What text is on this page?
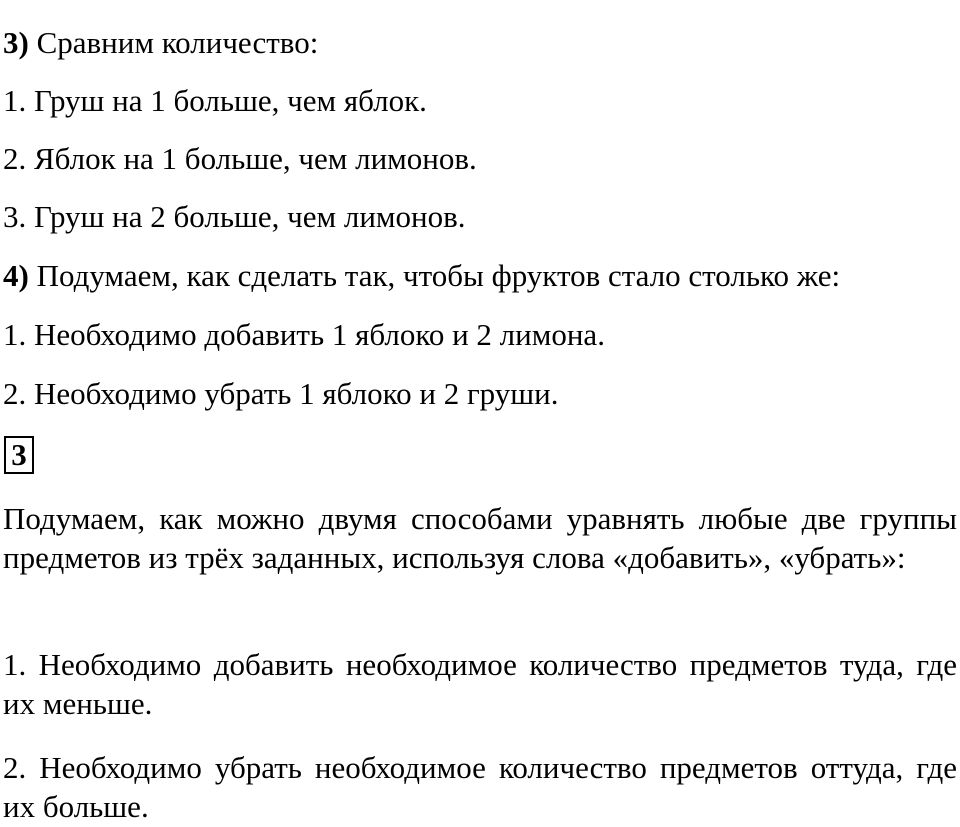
3) Сравним количество:
1. Груш на 1 больше, чем яблок.
2. Яблок на 1 больше, чем лимонов.
3. Груш на 2 больше, чем лимонов.
4) Подумаем, как сделать так, чтобы фруктов стало столько же:
1. Необходимо добавить 1 яблоко и 2 лимона.
2. Необходимо убрать 1 яблоко и 2 груши.
3
Подумаем, как можно двумя способами уравнять любые две группы предметов из трёх заданных, используя слова «добавить», «убрать»:
1. Необходимо добавить необходимое количество предметов туда, где их меньше.
2. Необходимо убрать необходимое количество предметов оттуда, где их больше.
